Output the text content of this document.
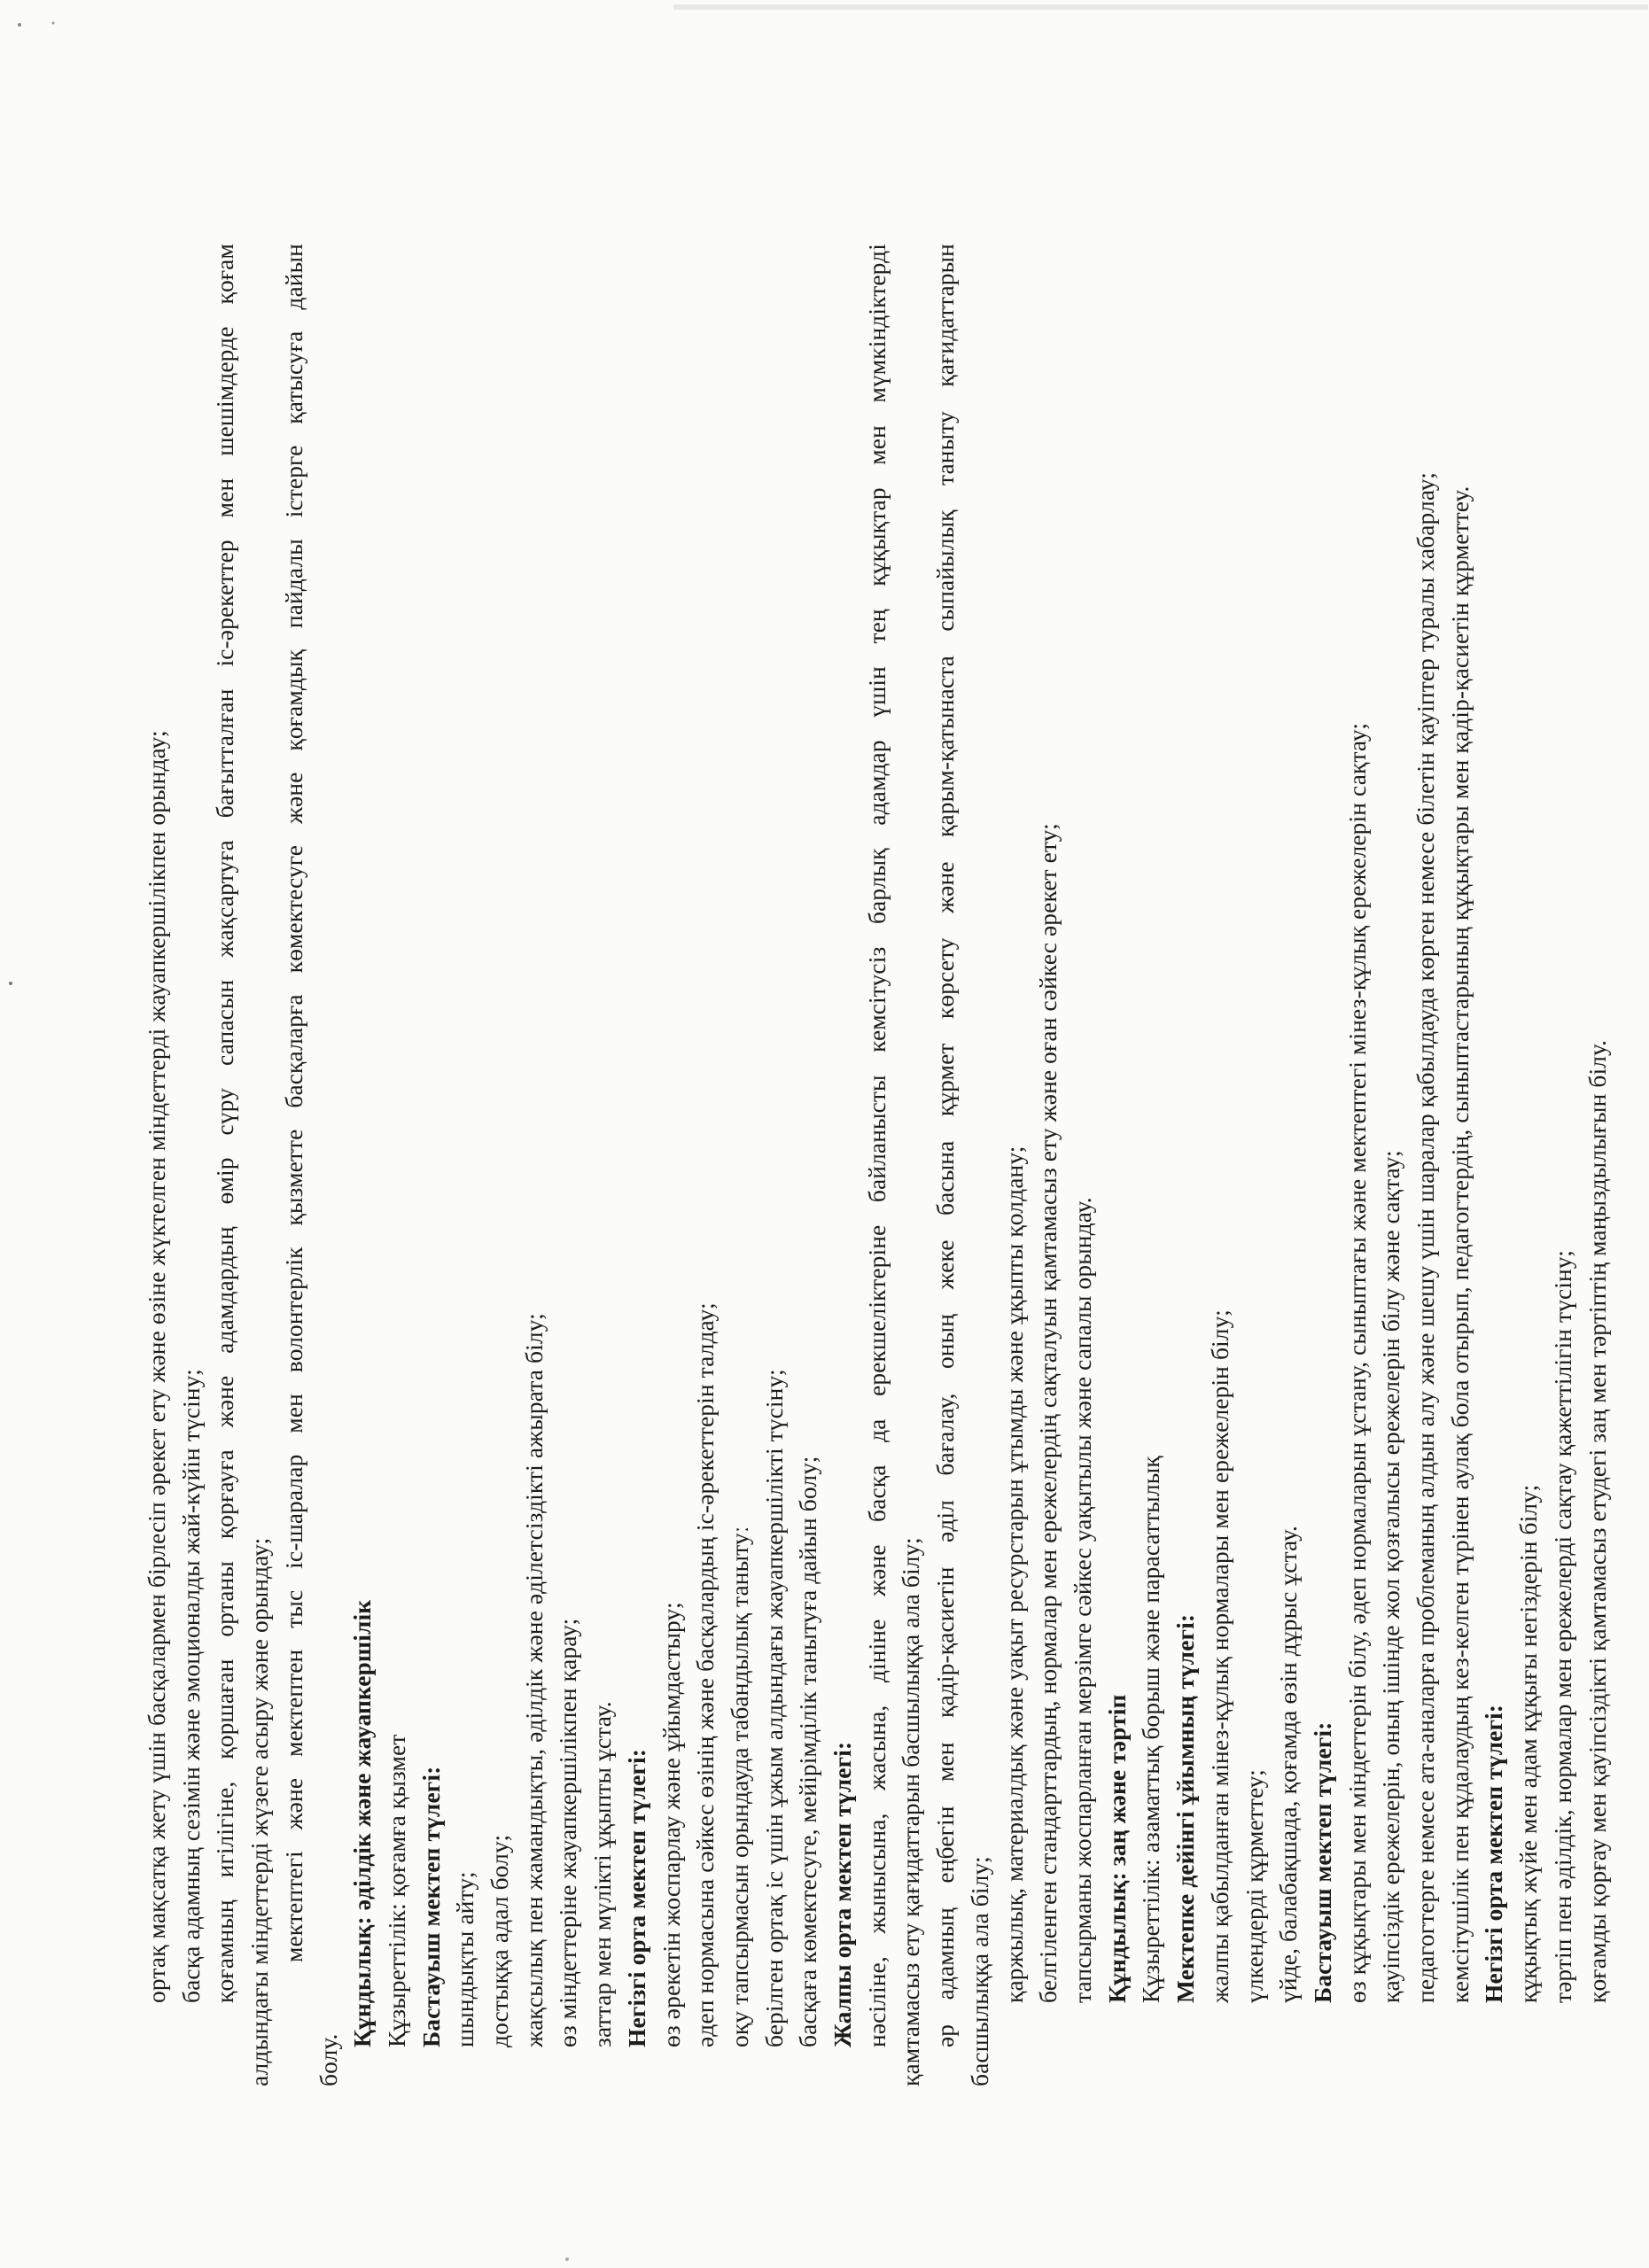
ортақ мақсатқа жету үшін басқалармен бірлесіп әрекет ету және өзіне жүктелген міндеттерді жауапкершілікпен орындау; басқа адамның сезімін және эмоционалды жай-күйін түсіну; қоғамның игілігіне, қоршаған ортаны қорғауға және адамдардың өмір сүру сапасын жақсартуға бағытталған іс-әрекеттер мен шешімдерде қоғам алдындағы міндеттерді жүзеге асыру және орындау; мектептегі және мектептен тыс іс-шаралар мен волонтерлік қызметте басқаларға көмектесуге және қоғамдық пайдалы істерге қатысуға дайын
болу.
Құндылық: әділдік және жауапкершілік Құзыреттілік: қоғамға қызмет Бастауыш мектеп түлегі: шындықты айту; достыққа адал болу; жақсылық пен жамандықты, әділдік және әділетсіздікті ажырата білу; өз міндеттеріне жауапкершілікпен қарау; заттар мен мүлікті ұқыпты ұстау. Негізгі орта мектеп түлегі: өз әрекетін жоспарлау және ұйымдастыру; әдеп нормасына сәйкес өзінің және басқалардың іс-әрекеттерін талдау; оқу тапсырмасын орындауда табандылық танытуː берілген ортақ іс үшін ұжым алдындағы жауапкершілікті түсіну; басқаға көмектесуге, мейірімділік танытуға дайын болу; Жалпы орта мектеп түлегі: нәсіліне, жынысына, жасына, дініне және басқа да ерекшеліктеріне байланысты кемсітусіз барлық адамдар үшін тең құқықтар мен мүмкіндіктерді қамтамасыз ету қағидаттарын басшылыққа ала білу; әр адамның еңбегін мен қадір-қасиетін әділ бағалау, оның жеке басына құрмет көрсету және қарым-қатынаста сыпайылық таныту қағидаттарын басшылыққа ала білу; қаржылық, материалдық және уақыт ресурстарын ұтымды және ұқыпты қолдану; белгіленген стандарттардың, нормалар мен ережелердің сақталуын қамтамасыз ету және оған сәйкес әрекет ету; тапсырманы жоспарланған мерзімге сәйкес уақытылы және сапалы орындау. Құндылық: заң және тәртіп Құзыреттілік: азаматтық борыш және парасаттылық Мектепке дейінгі ұйымның түлегі: жалпы қабылданған мінез-құлық нормалары мен ережелерін білу; үлкендерді құрметтеу; үйде, балабақшада, қоғамда өзін дұрыс ұстау. Бастауыш мектеп түлегі: өз құқықтары мен міндеттерін білу, әдеп нормаларын ұстану, сыныптағы және мектептегі мінез-құлық ережелерін сақтау; қауіпсіздік ережелерін, оның ішінде жол қозғалысы ережелерін білу және сақтау; педагогтерге немесе ата-аналарға проблеманың алдын алу және шешу үшін шаралар қабылдауда көрген немесе білетін қауіптер туралы хабарлау; кемсітушілік пен құдалаудың кез-келген түрінен аулақ бола отырып, педагогтердің, сыныптастарының құқықтары мен қадір-қасиетін құрметтеу. Негізгі орта мектеп түлегі: құқықтық жүйе мен адам құқығы негіздерін білу; тәртіп пен әділдік, нормалар мен ережелерді сақтау қажеттілігін түсіну; қоғамды қорғау мен қауіпсіздікті қамтамасыз етудегі заң мен тәртіптің маңыздылығын білу.
